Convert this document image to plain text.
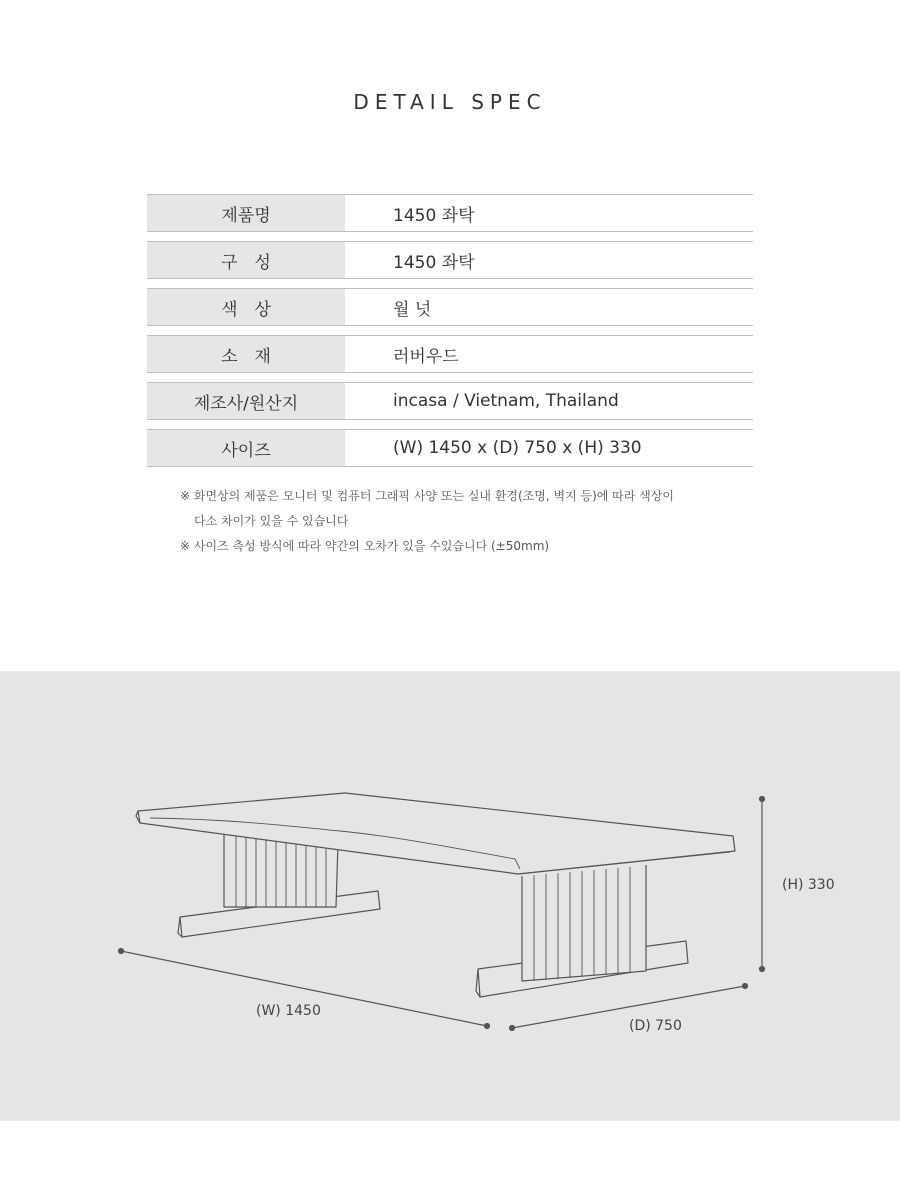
DETAIL SPEC
제품명	1450 좌탁
구　성	1450 좌탁
색　상	월 넛
소　재	러버우드
제조사/원산지	incasa / Vietnam, Thailand
사이즈	(W) 1450 x (D) 750 x (H) 330
※ 화면상의 제품은 모니터 및 컴퓨터 그래픽 사양 또는 실내 환경(조명, 벽지 등)에 따라 색상이
다소 차이가 있을 수 있습니다
※ 사이즈 측성 방식에 따라 약간의 오차가 있을 수있습니다 (±50mm)
(W) 1450
(D) 750
(H) 330
